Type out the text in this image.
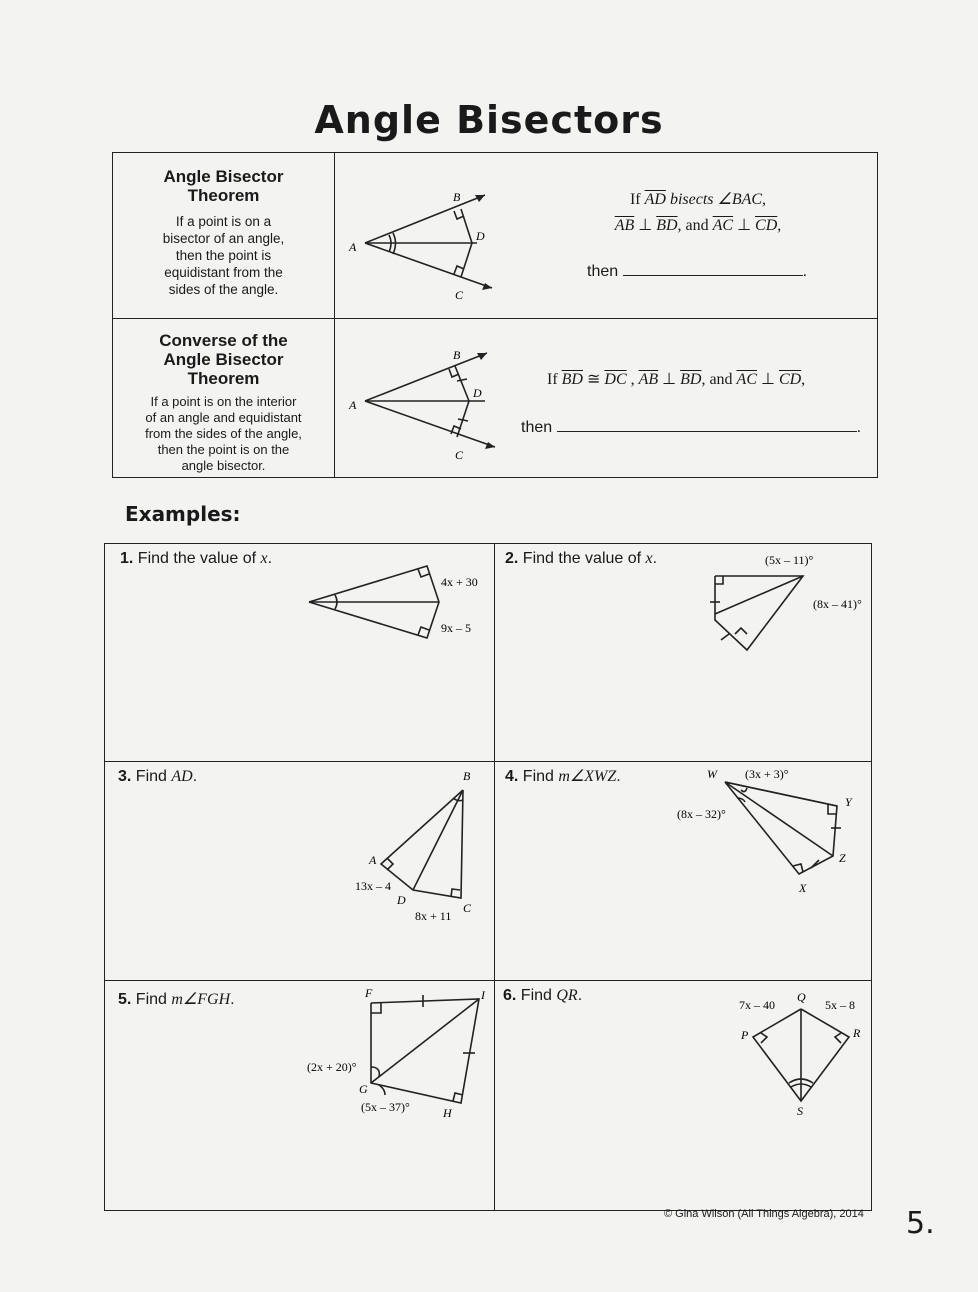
Angle Bisectors
Angle Bisector
Theorem
If a point is on a
bisector of an angle,
then the point is
equidistant from the
sides of the angle.
A
B
C
D
If $\overline{AD}$ bisects ∠BAC,
$\overline{AB}$ ⊥ $\overline{BD}$, and $\overline{AC}$ ⊥ $\overline{CD}$,
then	.
Converse of the
Angle Bisector
Theorem
If a point is on the interior
of an angle and equidistant
from the sides of the angle,
then the point is on the
angle bisector.
A
B
C
D
If $\overline{BD}$ ≅ $\overline{DC}$ , $\overline{AB}$ ⊥ $\overline{BD}$, and $\overline{AC}$ ⊥ $\overline{CD}$,
then	.
Examples:
1. Find the value of x.
4x + 30
9x – 5
2. Find the value of x.	(5x – 11)°
(8x – 41)°
3. Find AD.	B
A
13x – 4
D
C
8x + 11
4. Find m∠XWZ.	W (3x + 3)°
(8x – 32)°
Y
Z
X
5. Find m∠FGH.	F	I
(2x + 20)°
G
(5x – 37)°	H
6. Find QR.
7x – 40
Q
5x – 8
P	R
S
© Gina Wilson (All Things Algebra), 2014 5.
